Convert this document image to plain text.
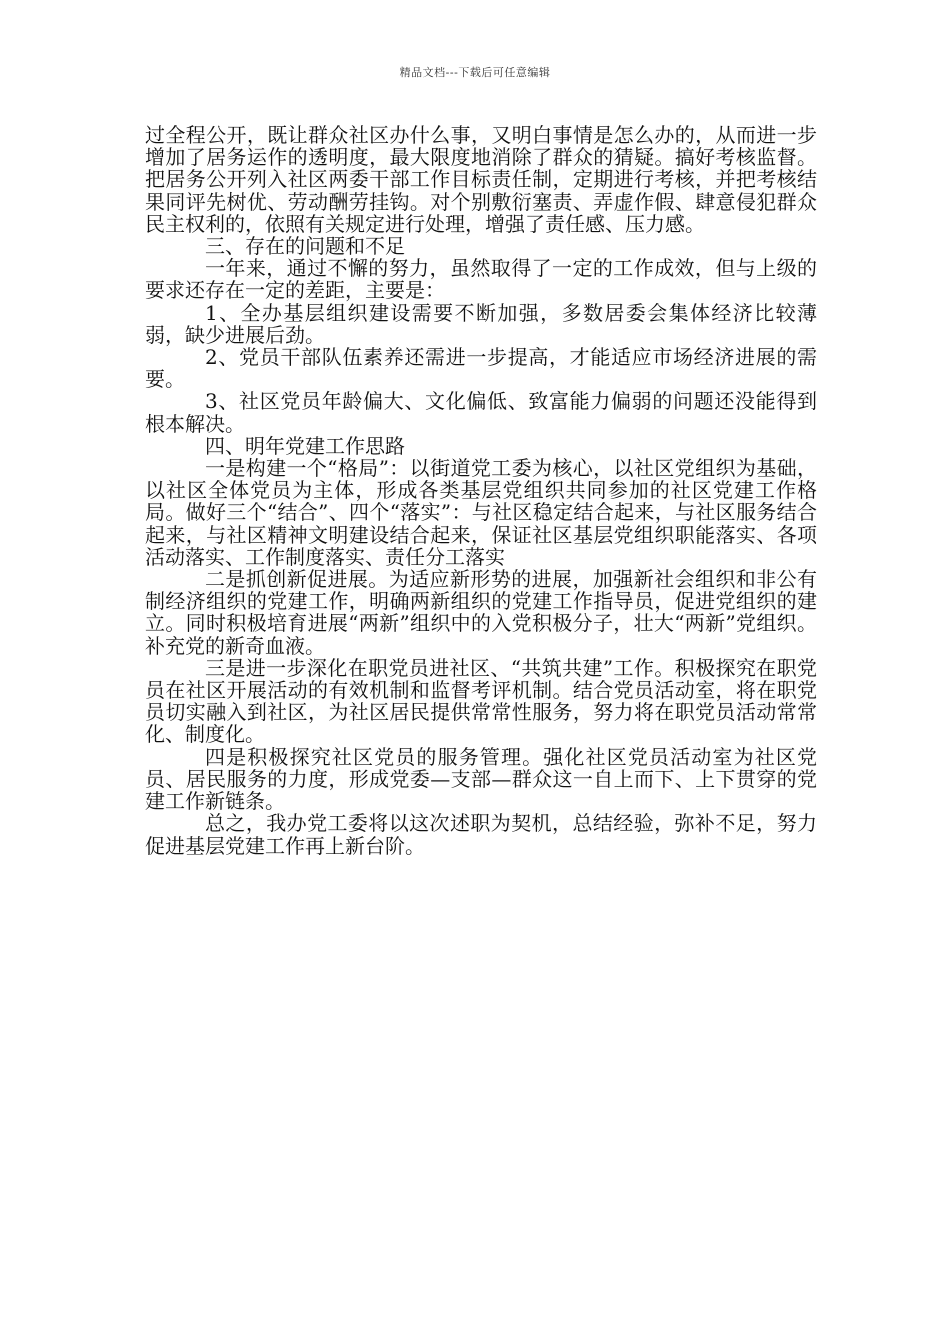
精品文档---下载后可任意编辑

过全程公开，既让群众社区办什么事，又明白事情是怎么办的，从而进一步增加了居务运作的透明度，最大限度地消除了群众的猜疑。搞好考核监督。把居务公开列入社区两委干部工作目标责任制，定期进行考核，并把考核结果同评先树优、劳动酬劳挂钩。对个别敷衍塞责、弄虚作假、肆意侵犯群众民主权利的，依照有关规定进行处理，增强了责任感、压力感。

三、存在的问题和不足

一年来，通过不懈的努力，虽然取得了一定的工作成效，但与上级的要求还存在一定的差距，主要是：

1、全办基层组织建设需要不断加强，多数居委会集体经济比较薄弱，缺少进展后劲。

2、党员干部队伍素养还需进一步提高，才能适应市场经济进展的需要。

3、社区党员年龄偏大、文化偏低、致富能力偏弱的问题还没能得到根本解决。

四、明年党建工作思路

一是构建一个“格局”：以街道党工委为核心，以社区党组织为基础，以社区全体党员为主体，形成各类基层党组织共同参加的社区党建工作格局。做好三个“结合”、四个“落实”：与社区稳定结合起来，与社区服务结合起来，与社区精神文明建设结合起来，保证社区基层党组织职能落实、各项活动落实、工作制度落实、责任分工落实

二是抓创新促进展。为适应新形势的进展，加强新社会组织和非公有制经济组织的党建工作，明确两新组织的党建工作指导员，促进党组织的建立。同时积极培育进展“两新”组织中的入党积极分子，壮大“两新”党组织。补充党的新奇血液。

三是进一步深化在职党员进社区、“共筑共建”工作。积极探究在职党员在社区开展活动的有效机制和监督考评机制。结合党员活动室，将在职党员切实融入到社区，为社区居民提供常常性服务，努力将在职党员活动常常化、制度化。

四是积极探究社区党员的服务管理。强化社区党员活动室为社区党员、居民服务的力度，形成党委—支部—群众这一自上而下、上下贯穿的党建工作新链条。

总之，我办党工委将以这次述职为契机，总结经验，弥补不足，努力促进基层党建工作再上新台阶。
